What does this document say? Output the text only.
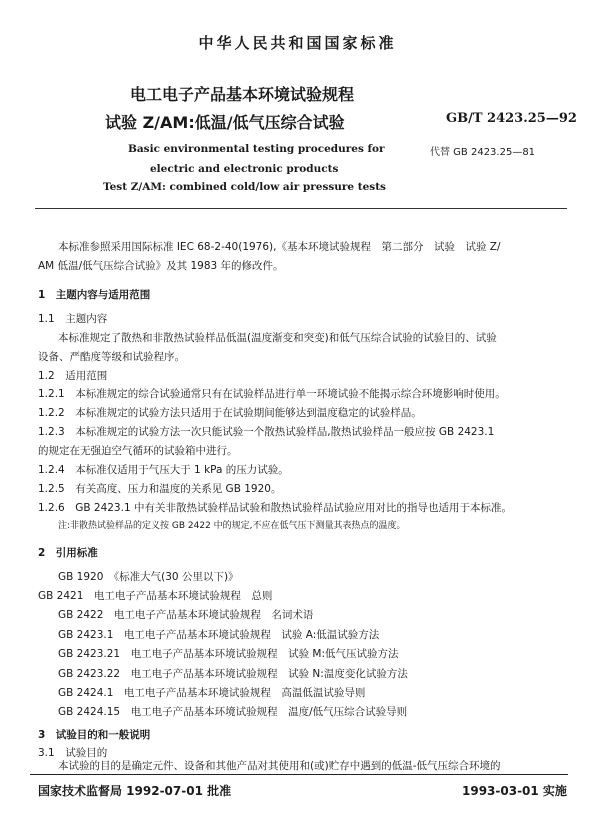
中华人民共和国国家标准
电工电子产品基本环境试验规程
试验 Z/AM:低温/低气压综合试验	GB/T 2423.25—92
代替 GB 2423.25—81
Basic environmental testing procedures for
electric and electronic products
Test Z/AM: combined cold/low air pressure tests
本标准参照采用国际标准 IEC 68-2-40(1976),《基本环境试验规程　第二部分　试验　试验 Z/
AM 低温/低气压综合试验》及其 1983 年的修改件。
1　主题内容与适用范围
1.1　主题内容
本标准规定了散热和非散热试验样品低温(温度渐变和突变)和低气压综合试验的试验目的、试验
设备、严酷度等级和试验程序。
1.2　适用范围
1.2.1　本标准规定的综合试验通常只有在试验样品进行单一环境试验不能揭示综合环境影响时使用。
1.2.2　本标准规定的试验方法只适用于在试验期间能够达到温度稳定的试验样品。
1.2.3　本标准规定的试验方法一次只能试验一个散热试验样品,散热试验样品一般应按 GB 2423.1
的规定在无强迫空气循环的试验箱中进行。
1.2.4　本标准仅适用于气压大于 1 kPa 的压力试验。
1.2.5　有关高度、压力和温度的关系见 GB 1920。
1.2.6　GB 2423.1 中有关非散热试验样品试验和散热试验样品试验应用对比的指导也适用于本标准。
注:非散热试验样品的定义按 GB 2422 中的规定,不应在低气压下测量其表热点的温度。
2　引用标准
GB 1920　《标准大气(30 公里以下)》
GB 2421　电工电子产品基本环境试验规程　总则
GB 2422　电工电子产品基本环境试验规程　名词术语
GB 2423.1　电工电子产品基本环境试验规程　试验 A:低温试验方法
GB 2423.21　电工电子产品基本环境试验规程　试验 M:低气压试验方法
GB 2423.22　电工电子产品基本环境试验规程　试验 N:温度变化试验方法
GB 2424.1　电工电子产品基本环境试验规程　高温低温试验导则
GB 2424.15　电工电子产品基本环境试验规程　温度/低气压综合试验导则
3　试验目的和一般说明
3.1　试验目的
本试验的目的是确定元件、设备和其他产品对其使用和(或)贮存中遇到的低温-低气压综合环境的
国家技术监督局 1992-07-01 批准	1993-03-01 实施
